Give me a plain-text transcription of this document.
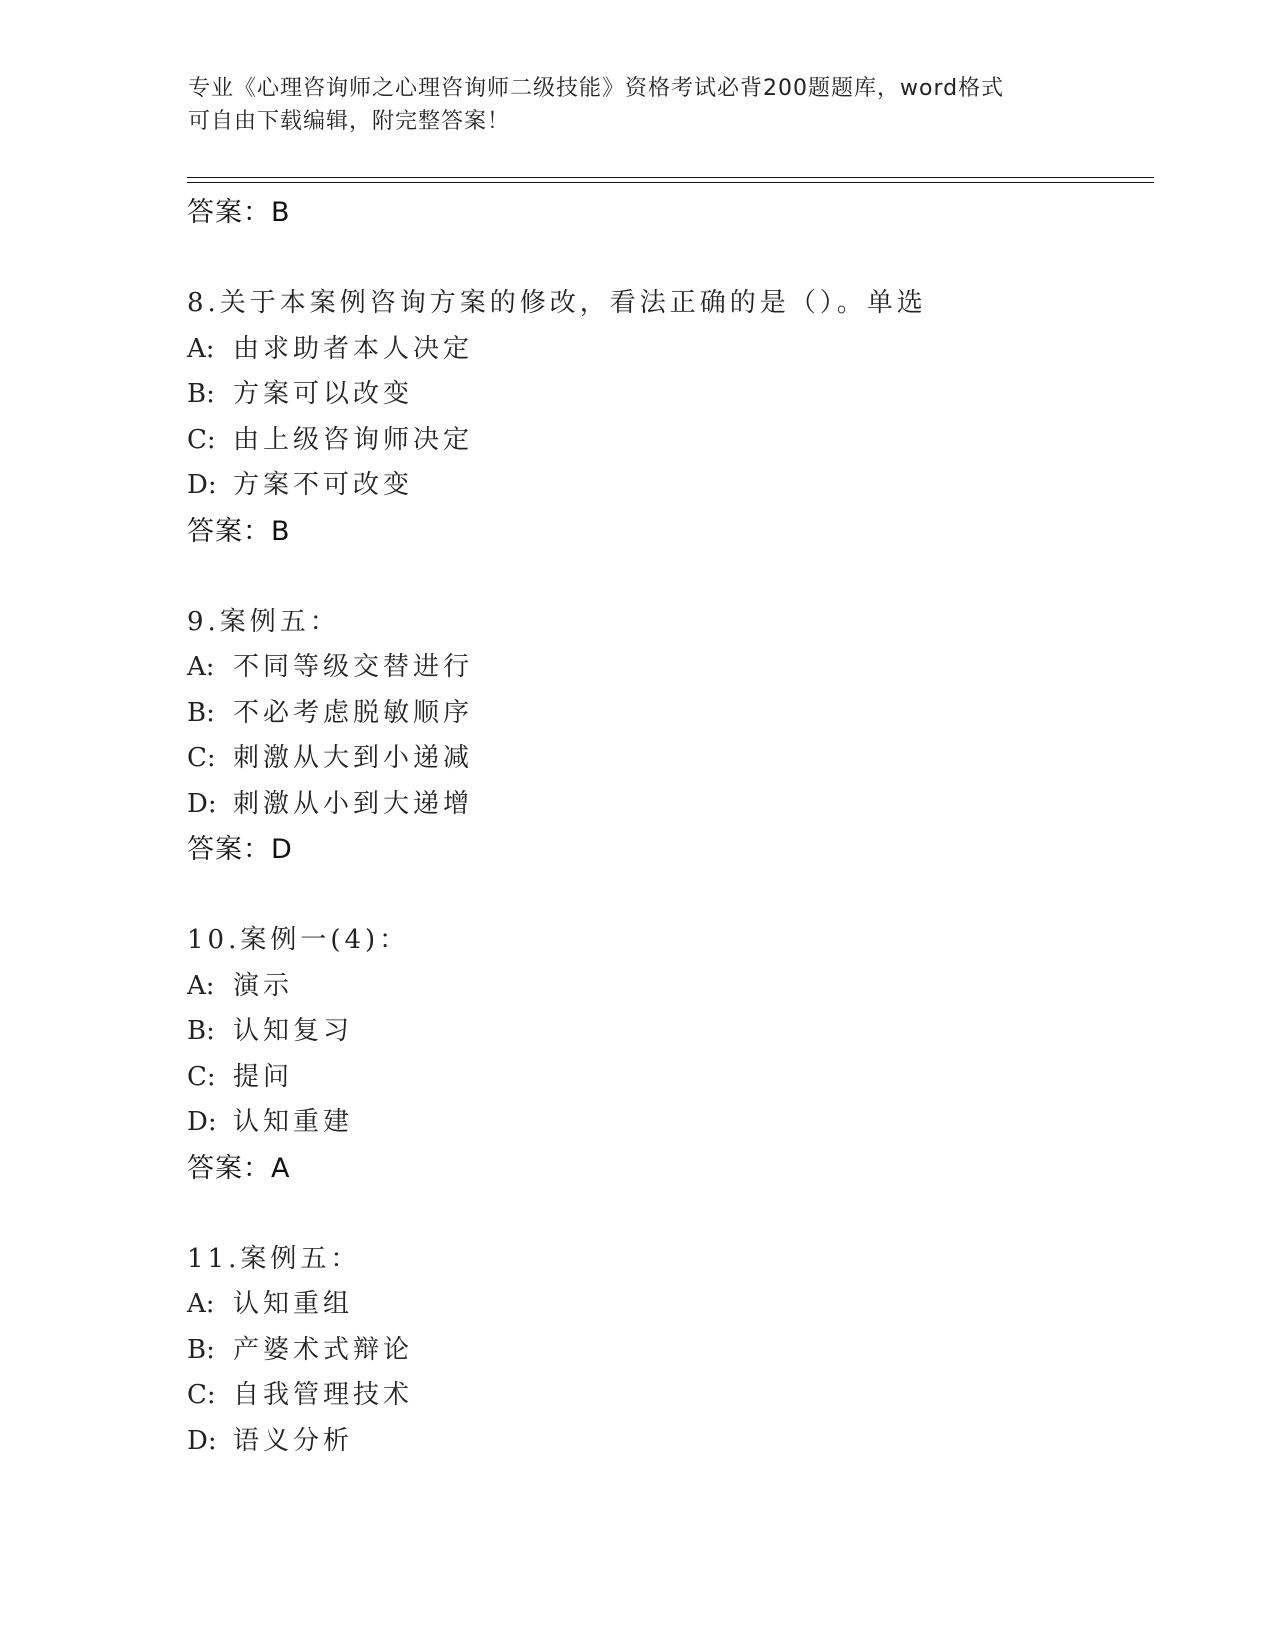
专业《心理咨询师之心理咨询师二级技能》资格考试必背200题题库，word格式
可自由下载编辑，附完整答案！
答案：B
8.关于本案例咨询方案的修改，看法正确的是（）。单选
A: 由求助者本人决定
B: 方案可以改变
C: 由上级咨询师决定
D: 方案不可改变
答案：B
9.案例五：
A: 不同等级交替进行
B: 不必考虑脱敏顺序
C: 刺激从大到小递减
D: 刺激从小到大递增
答案：D
10.案例一(4)：
A: 演示
B: 认知复习
C: 提问
D: 认知重建
答案：A
11.案例五：
A: 认知重组
B: 产婆术式辩论
C: 自我管理技术
D: 语义分析
